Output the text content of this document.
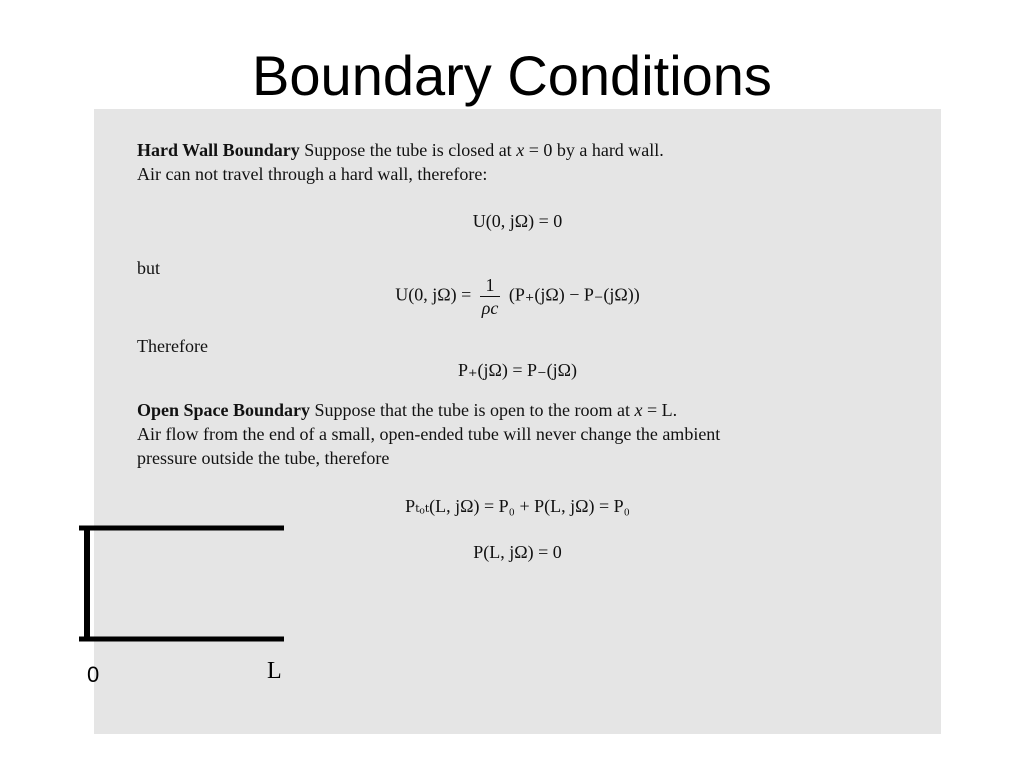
Boundary Conditions
Hard Wall Boundary Suppose the tube is closed at x = 0 by a hard wall.
Air can not travel through a hard wall, therefore:
U(0, jΩ) = 0
but
U(0, $j\Omega) = \frac{1}{\rho c} (P_+(j\Omega) - P_-(j\Omega))$
Therefore
P₊(jΩ) = P₋(jΩ)
Open Space Boundary Suppose that the tube is open to the room at x = L.
Air flow from the end of a small, open-ended tube will never change the ambient
pressure outside the tube, therefore
Pₜₒₜ(L, jΩ) = P₀ + P(L, jΩ) = P₀
P(L, jΩ) = 0
0	L
